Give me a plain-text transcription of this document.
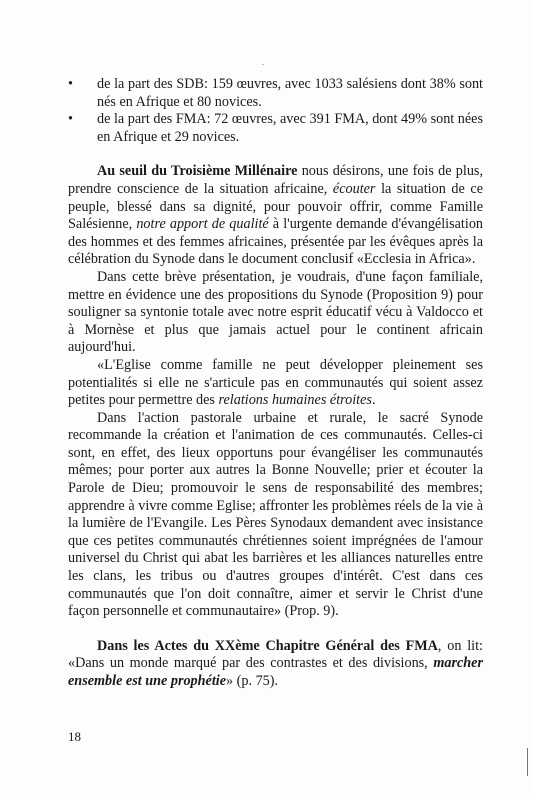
• de la part des SDB: 159 œuvres, avec 1033 salésiens dont 38% sont nés en Afrique et 80 novices.
• de la part des FMA: 72 œuvres, avec 391 FMA, dont 49% sont nées en Afrique et 29 novices.

Au seuil du Troisième Millénaire nous désirons, une fois de plus, prendre conscience de la situation africaine, écouter la situation de ce peuple, blessé dans sa dignité, pour pouvoir offrir, comme Famille Salésienne, notre apport de qualité à l'urgente demande d'évangélisation des hommes et des femmes africaines, présentée par les évêques après la célébration du Synode dans le document conclusif «Ecclesia in Africa».

Dans cette brève présentation, je voudrais, d'une façon familiale, mettre en évidence une des propositions du Synode (Proposition 9) pour souligner sa syntonie totale avec notre esprit éducatif vécu à Valdocco et à Mornèse et plus que jamais actuel pour le continent africain aujourd'hui.

«L'Eglise comme famille ne peut développer pleinement ses potentialités si elle ne s'articule pas en communautés qui soient assez petites pour permettre des relations humaines étroites.

Dans l'action pastorale urbaine et rurale, le sacré Synode recommande la création et l'animation de ces communautés. Celles-ci sont, en effet, des lieux opportuns pour évangéliser les communautés mêmes; pour porter aux autres la Bonne Nouvelle; prier et écouter la Parole de Dieu; promouvoir le sens de responsabilité des membres; apprendre à vivre comme Eglise; affronter les problèmes réels de la vie à la lumière de l'Evangile. Les Pères Synodaux demandent avec insistance que ces petites communautés chrétiennes soient imprégnées de l'amour universel du Christ qui abat les barrières et les alliances naturelles entre les clans, les tribus ou d'autres groupes d'intérêt. C'est dans ces communautés que l'on doit connaître, aimer et servir le Christ d'une façon personnelle et communautaire» (Prop. 9).

Dans les Actes du XXème Chapitre Général des FMA, on lit: «Dans un monde marqué par des contrastes et des divisions, marcher ensemble est une prophétie» (p. 75).

18
